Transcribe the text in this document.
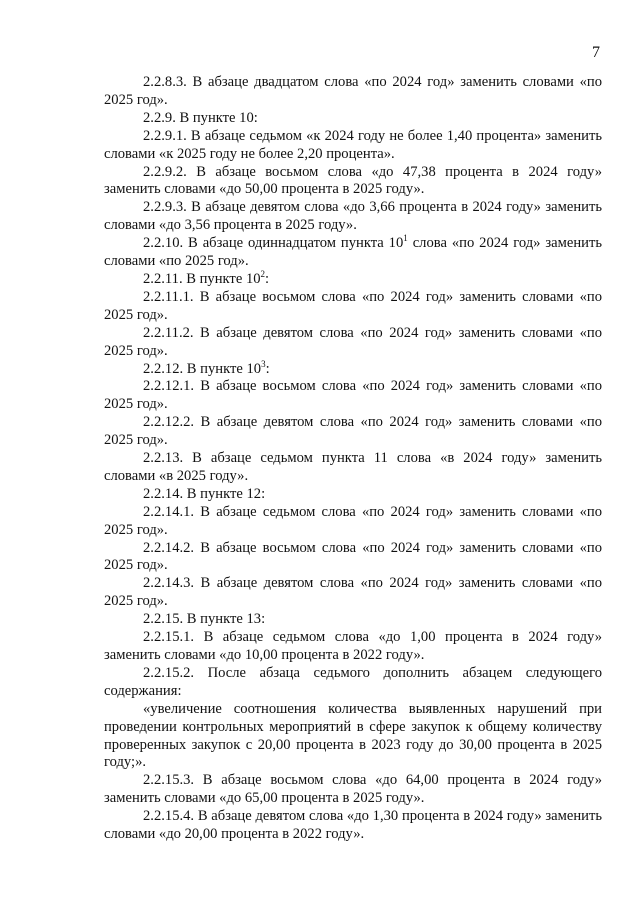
7

2.2.8.3. В абзаце двадцатом слова «по 2024 год» заменить словами «по 2025 год».

2.2.9. В пункте 10:

2.2.9.1. В абзаце седьмом «к 2024 году не более 1,40 процента» заменить словами «к 2025 году не более 2,20 процента».

2.2.9.2. В абзаце восьмом слова «до 47,38 процента в 2024 году» заменить словами «до 50,00 процента в 2025 году».

2.2.9.3. В абзаце девятом слова «до 3,66 процента в 2024 году» заменить словами «до 3,56 процента в 2025 году».

2.2.10. В абзаце одиннадцатом пункта $10^1$ слова «по 2024 год» заменить словами «по 2025 год».

2.2.11. В пункте $10^2$:

2.2.11.1. В абзаце восьмом слова «по 2024 год» заменить словами «по 2025 год».

2.2.11.2. В абзаце девятом слова «по 2024 год» заменить словами «по 2025 год».

2.2.12. В пункте $10^3$:

2.2.12.1. В абзаце восьмом слова «по 2024 год» заменить словами «по 2025 год».

2.2.12.2. В абзаце девятом слова «по 2024 год» заменить словами «по 2025 год».

2.2.13. В абзаце седьмом пункта 11 слова «в 2024 году» заменить словами «в 2025 году».

2.2.14. В пункте 12:

2.2.14.1. В абзаце седьмом слова «по 2024 год» заменить словами «по 2025 год».

2.2.14.2. В абзаце восьмом слова «по 2024 год» заменить словами «по 2025 год».

2.2.14.3. В абзаце девятом слова «по 2024 год» заменить словами «по 2025 год».

2.2.15. В пункте 13:

2.2.15.1. В абзаце седьмом слова «до 1,00 процента в 2024 году» заменить словами «до 10,00 процента в 2022 году».

2.2.15.2. После абзаца седьмого дополнить абзацем следующего содержания:

«увеличение соотношения количества выявленных нарушений при проведении контрольных мероприятий в сфере закупок к общему количеству проверенных закупок с 20,00 процента в 2023 году до 30,00 процента в 2025 году;».

2.2.15.3. В абзаце восьмом слова «до 64,00 процента в 2024 году» заменить словами «до 65,00 процента в 2025 году».

2.2.15.4. В абзаце девятом слова «до 1,30 процента в 2024 году» заменить словами «до 20,00 процента в 2022 году».
